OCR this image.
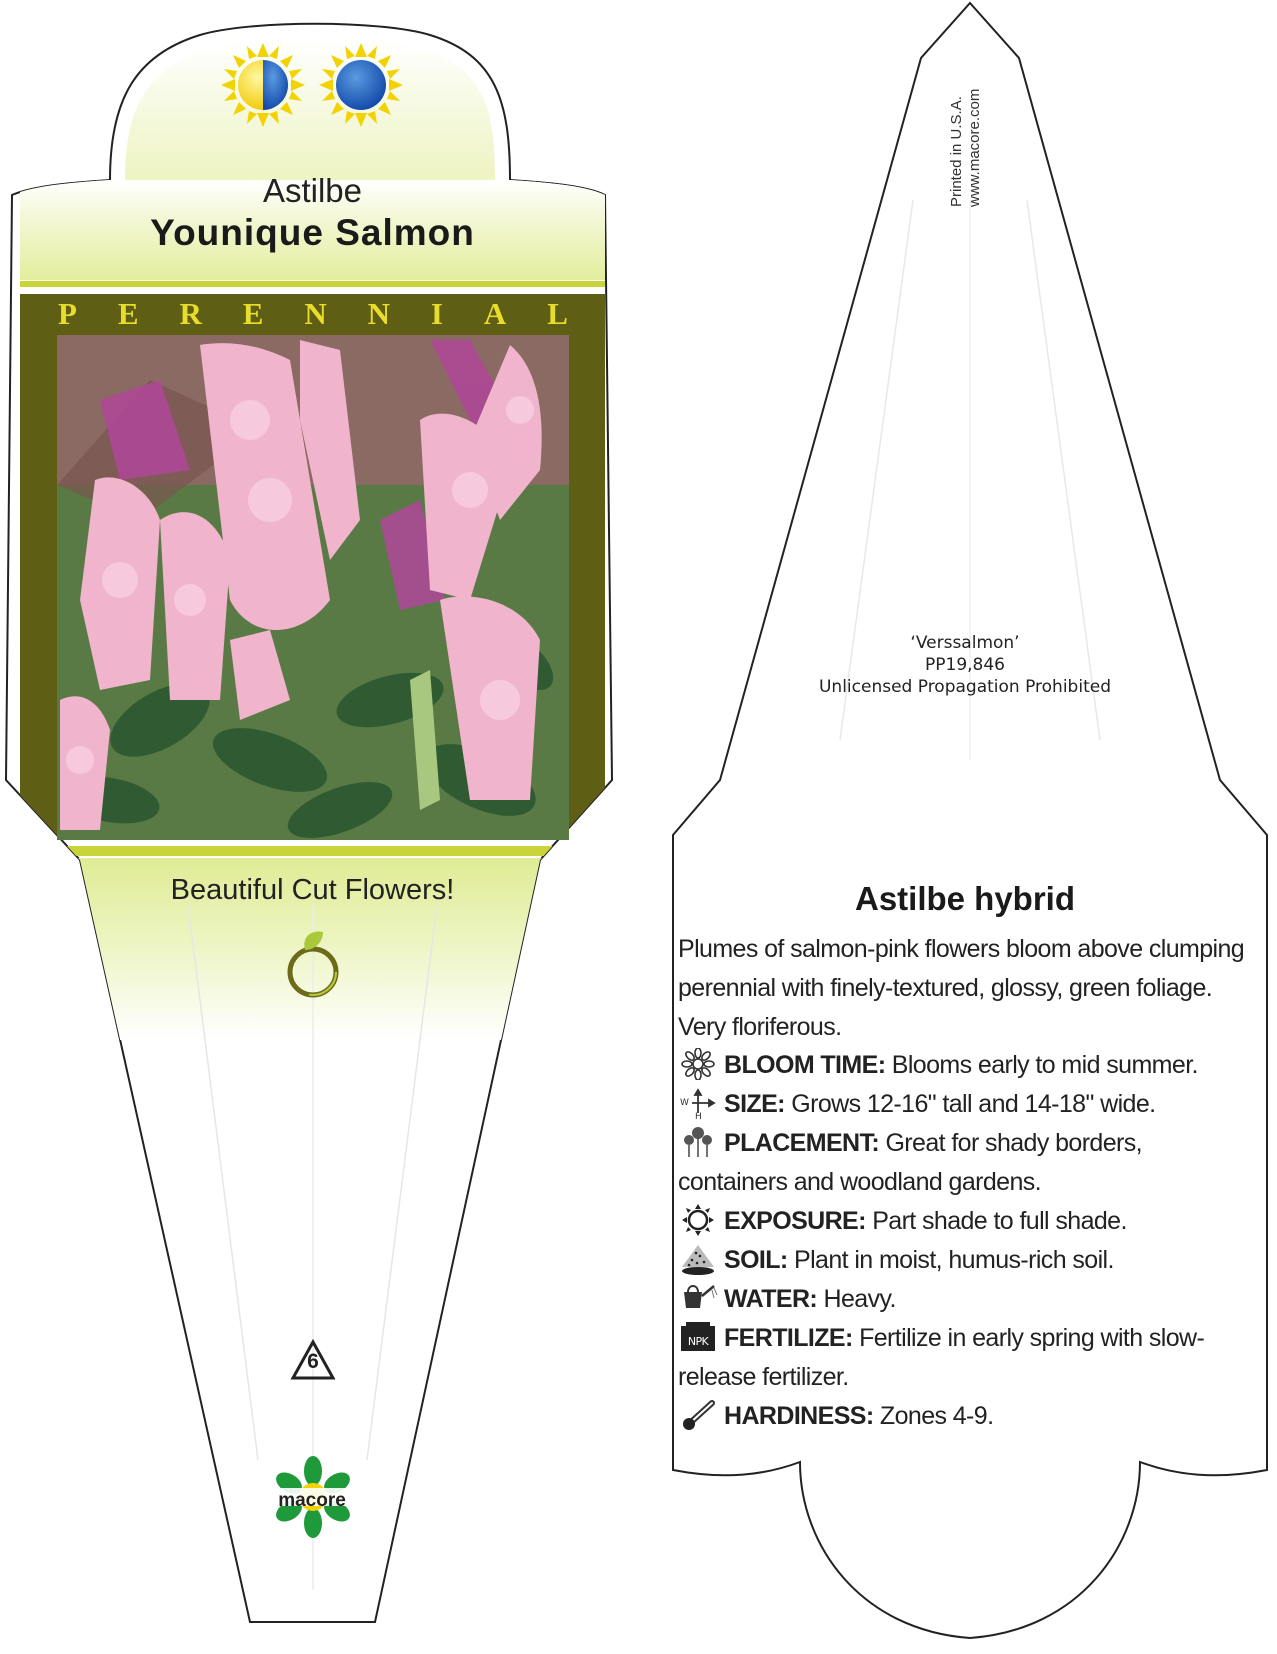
Astilbe
Younique Salmon
P E R E N N I A L
Beautiful Cut Flowers!
6
macore
Printed in U.S.A. www.macore.com
‘Verssalmon’
PP19,846
Unlicensed Propagation Prohibited
Astilbe hybrid
Plumes of salmon-pink flowers bloom above clumping perennial with finely-textured, glossy, green foliage. Very floriferous.
BLOOM TIME: Blooms early to mid summer.
W
H SIZE: Grows 12-16" tall and 14-18" wide.
PLACEMENT: Great for shady borders, containers and woodland gardens.
EXPOSURE: Part shade to full shade.
SOIL: Plant in moist, humus-rich soil.
WATER: Heavy.
NPK FERTILIZE: Fertilize in early spring with slow-release fertilizer.
HARDINESS: Zones 4-9.
